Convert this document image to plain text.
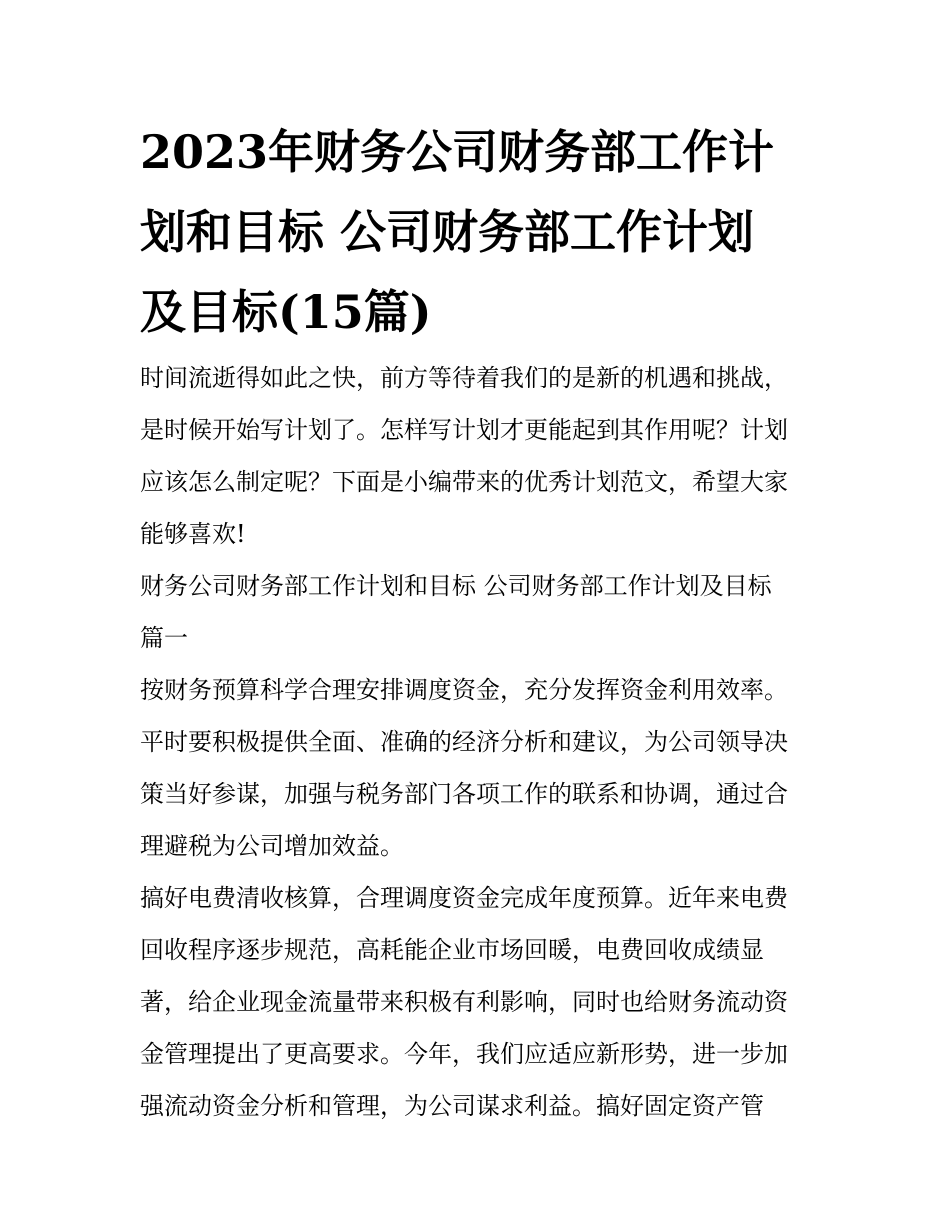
2023年财务公司财务部工作计
划和目标 公司财务部工作计划
及目标(15篇)
时间流逝得如此之快，前方等待着我们的是新的机遇和挑战，
是时候开始写计划了。怎样写计划才更能起到其作用呢？计划
应该怎么制定呢？下面是小编带来的优秀计划范文，希望大家
能够喜欢!
财务公司财务部工作计划和目标 公司财务部工作计划及目标
篇一
按财务预算科学合理安排调度资金，充分发挥资金利用效率。
平时要积极提供全面、准确的经济分析和建议，为公司领导决
策当好参谋，加强与税务部门各项工作的联系和协调，通过合
理避税为公司增加效益。
搞好电费清收核算，合理调度资金完成年度预算。近年来电费
回收程序逐步规范，高耗能企业市场回暖，电费回收成绩显
著，给企业现金流量带来积极有利影响，同时也给财务流动资
金管理提出了更高要求。今年，我们应适应新形势，进一步加
强流动资金分析和管理，为公司谋求利益。搞好固定资产管
